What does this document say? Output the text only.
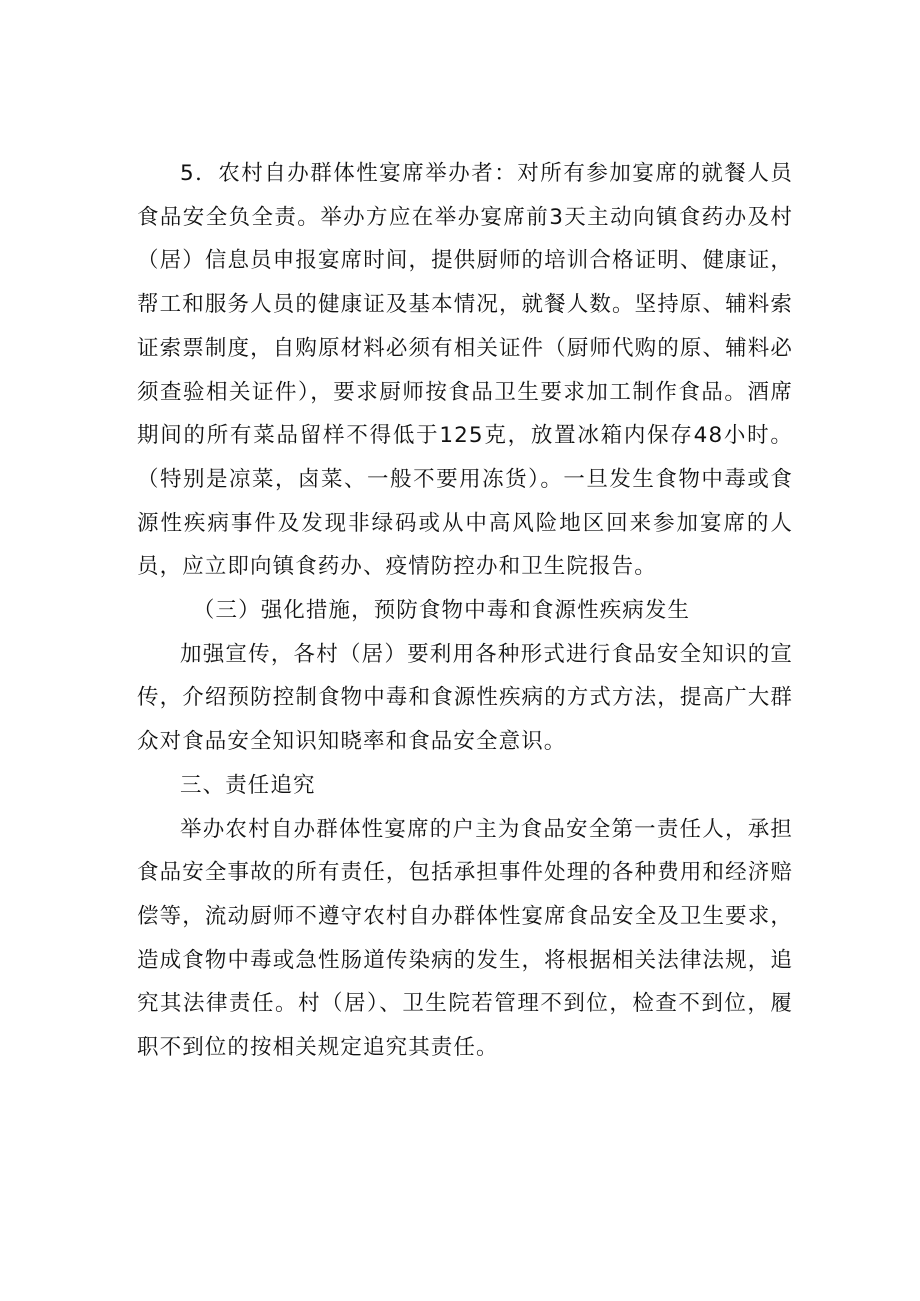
5．农村自办群体性宴席举办者：对所有参加宴席的就餐人员食品安全负全责。举办方应在举办宴席前3天主动向镇食药办及村（居）信息员申报宴席时间，提供厨师的培训合格证明、健康证，帮工和服务人员的健康证及基本情况，就餐人数。坚持原、辅料索证索票制度，自购原材料必须有相关证件（厨师代购的原、辅料必须查验相关证件），要求厨师按食品卫生要求加工制作食品。酒席期间的所有菜品留样不得低于125克，放置冰箱内保存48小时。（特别是凉菜，卤菜、一般不要用冻货）。一旦发生食物中毒或食源性疾病事件及发现非绿码或从中高风险地区回来参加宴席的人员，应立即向镇食药办、疫情防控办和卫生院报告。

（三）强化措施，预防食物中毒和食源性疾病发生

加强宣传，各村（居）要利用各种形式进行食品安全知识的宣传，介绍预防控制食物中毒和食源性疾病的方式方法，提高广大群众对食品安全知识知晓率和食品安全意识。

三、责任追究

举办农村自办群体性宴席的户主为食品安全第一责任人，承担食品安全事故的所有责任，包括承担事件处理的各种费用和经济赔偿等，流动厨师不遵守农村自办群体性宴席食品安全及卫生要求，造成食物中毒或急性肠道传染病的发生，将根据相关法律法规，追究其法律责任。村（居）、卫生院若管理不到位，检查不到位，履职不到位的按相关规定追究其责任。
